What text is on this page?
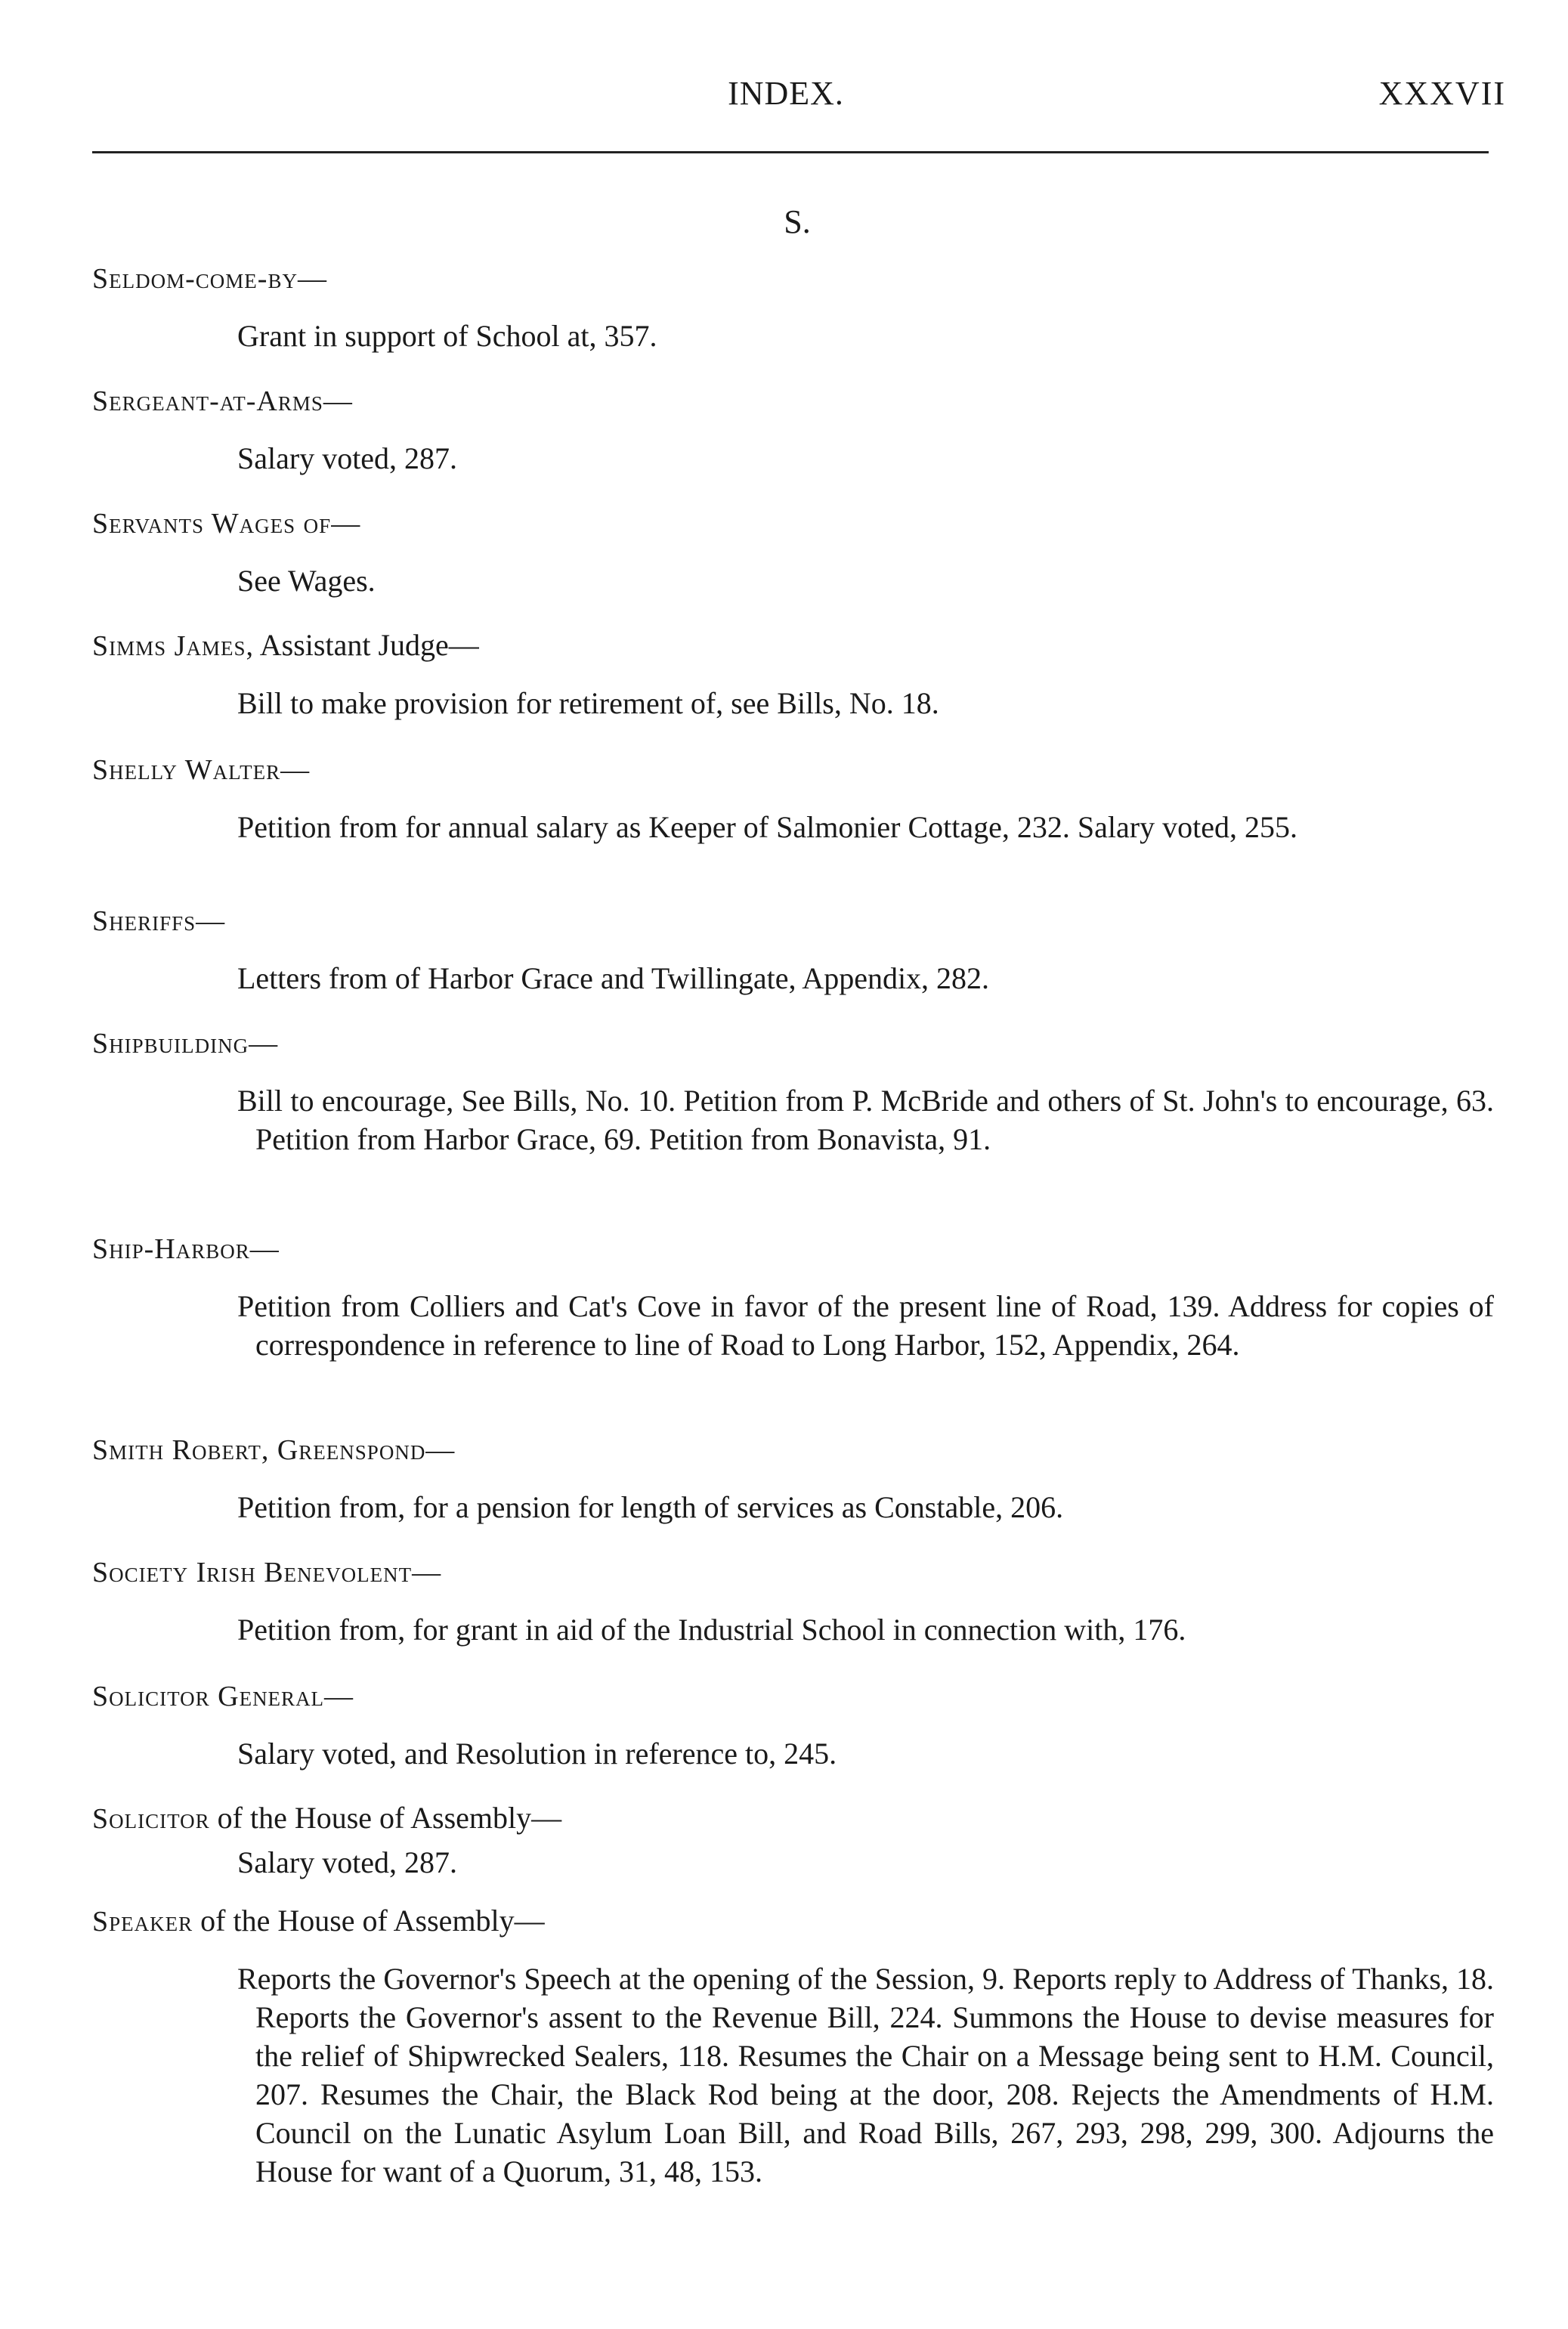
INDEX.	XXXVII
S.
Seldom-come-by—
Grant in support of School at, 357.
Sergeant-at-Arms—
Salary voted, 287.
Servants Wages of—
See Wages.
Simms James, Assistant Judge—
Bill to make provision for retirement of, see Bills, No. 18.
Shelly Walter—
Petition from for annual salary as Keeper of Salmonier Cottage, 232. Salary voted, 255.
Sheriffs—
Letters from of Harbor Grace and Twillingate, Appendix, 282.
Shipbuilding—
Bill to encourage, See Bills, No. 10. Petition from P. McBride and others of St. John's to encourage, 63. Petition from Harbor Grace, 69. Petition from Bonavista, 91.
Ship-Harbor—
Petition from Colliers and Cat's Cove in favor of the present line of Road, 139. Address for copies of correspondence in reference to line of Road to Long Harbor, 152, Appendix, 264.
Smith Robert, Greenspond—
Petition from, for a pension for length of services as Constable, 206.
Society Irish Benevolent—
Petition from, for grant in aid of the Industrial School in connection with, 176.
Solicitor General—
Salary voted, and Resolution in reference to, 245.
Solicitor of the House of Assembly—
Salary voted, 287.
Speaker of the House of Assembly—
Reports the Governor's Speech at the opening of the Session, 9. Reports reply to Address of Thanks, 18. Reports the Governor's assent to the Revenue Bill, 224. Summons the House to devise measures for the relief of Shipwrecked Sealers, 118. Resumes the Chair on a Message being sent to H.M. Council, 207. Resumes the Chair, the Black Rod being at the door, 208. Rejects the Amendments of H.M. Council on the Lunatic Asylum Loan Bill, and Road Bills, 267, 293, 298, 299, 300. Adjourns the House for want of a Quorum, 31, 48, 153.
